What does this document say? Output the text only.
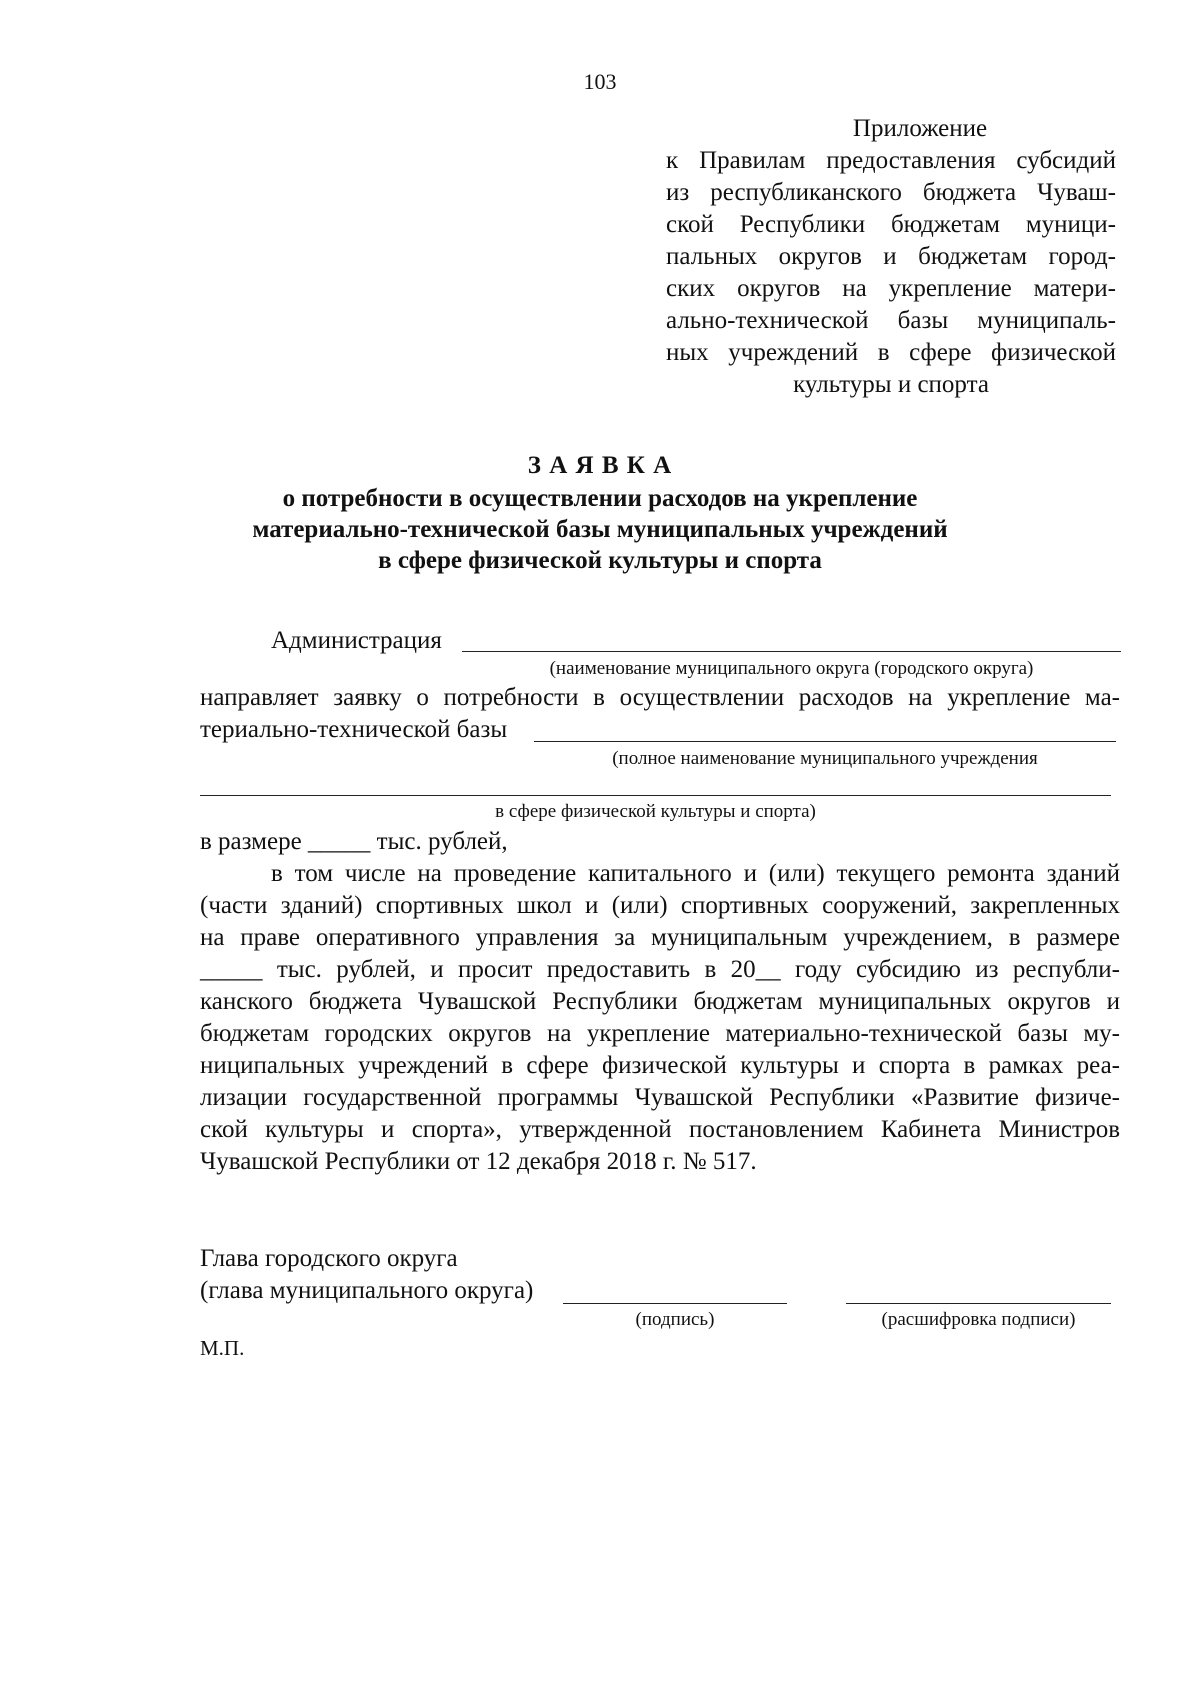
103
Приложение
к Правилам предоставления субсидий
из республиканского бюджета Чуваш-
ской Республики бюджетам муници-
пальных округов и бюджетам город-
ских округов на укрепление матери-
ально-технической базы муниципаль-
ных учреждений в сфере физической
культуры и спорта
З А Я В К А
о потребности в осуществлении расходов на укрепление
материально-технической базы муниципальных учреждений
в сфере физической культуры и спорта
Администрация
(наименование муниципального округа (городского округа)
направляет заявку о потребности в осуществлении расходов на укрепление ма-
териально-технической базы
(полное наименование муниципального учреждения
в сфере физической культуры и спорта)
в размере _____ тыс. рублей,
в том числе на проведение капитального и (или) текущего ремонта зданий
(части зданий) спортивных школ и (или) спортивных сооружений, закрепленных
на праве оперативного управления за муниципальным учреждением, в размере
_____ тыс. рублей, и просит предоставить в 20__ году субсидию из республи-
канского бюджета Чувашской Республики бюджетам муниципальных округов и
бюджетам городских округов на укрепление материально-технической базы му-
ниципальных учреждений в сфере физической культуры и спорта в рамках реа-
лизации государственной программы Чувашской Республики «Развитие физиче-
ской культуры и спорта», утвержденной постановлением Кабинета Министров
Чувашской Республики от 12 декабря 2018 г. № 517.
Глава городского округа
(глава муниципального округа)
(подпись)	(расшифровка подписи)
М.П.
